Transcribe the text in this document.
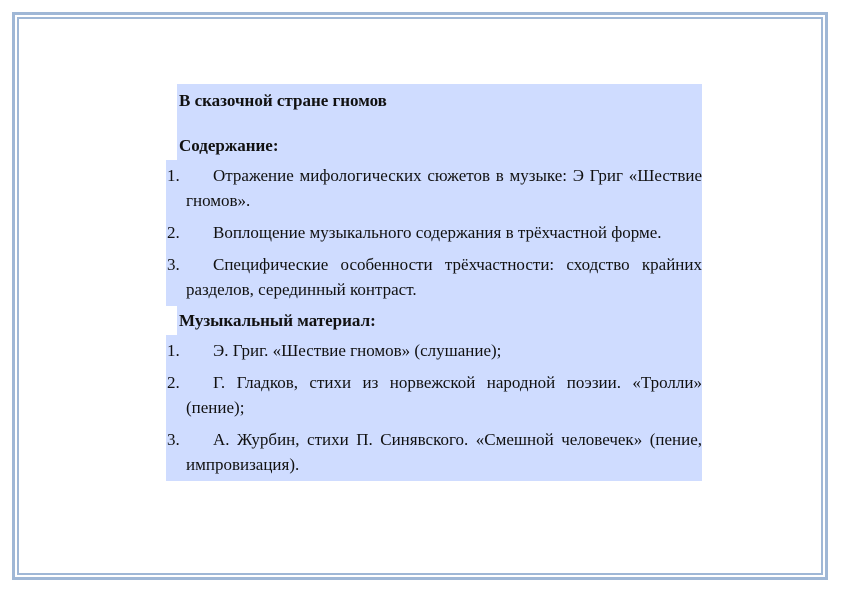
В сказочной стране гномов
Содержание:
1.	Отражение мифологических сюжетов в музыке: Э Григ «Шествие гномов».
2.	Воплощение музыкального содержания в трёхчастной форме.
3.	Специфические особенности трёхчастности: сходство крайних разделов, серединный контраст.
Музыкальный материал:
1.	Э. Григ. «Шествие гномов» (слушание);
2.	Г. Гладков, стихи из норвежской народной поэзии. «Тролли» (пение);
3.	А. Журбин, стихи П. Синявского. «Смешной человечек» (пение, импровизация).
